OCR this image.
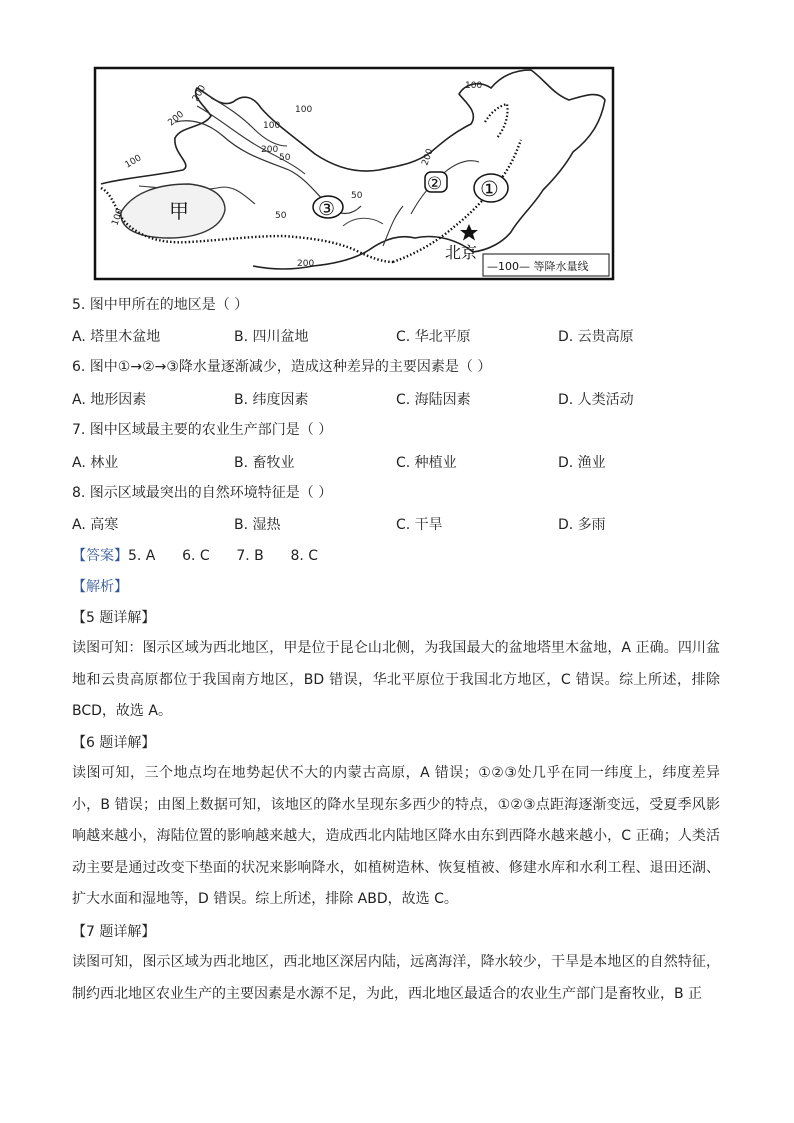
甲	③
② ①
北京
—100— 等降水量线
100
200
200	100
200
100	50
100
50
50
200
200
100
5. 图中甲所在的地区是（ ）
A. 塔里木盆地	B. 四川盆地	C. 华北平原	D. 云贵高原
6. 图中①→②→③降水量逐渐减少，造成这种差异的主要因素是（ ）
A. 地形因素	B. 纬度因素	C. 海陆因素	D. 人类活动
7. 图中区域最主要的农业生产部门是（ ）
A. 林业	B. 畜牧业	C. 种植业	D. 渔业
8. 图示区域最突出的自然环境特征是（ ）
A. 高寒	B. 湿热	C. 干旱	D. 多雨
【答案】5. A      6. C      7. B      8. C
【解析】
【5 题详解】
读图可知：图示区域为西北地区，甲是位于昆仑山北侧，为我国最大的盆地塔里木盆地，A 正确。四川盆地和云贵高原都位于我国南方地区，BD 错误，华北平原位于我国北方地区，C 错误。综上所述，排除 BCD，故选 A。
【6 题详解】
读图可知，三个地点均在地势起伏不大的内蒙古高原，A 错误；①②③处几乎在同一纬度上，纬度差异小，B 错误；由图上数据可知，该地区的降水呈现东多西少的特点，①②③点距海逐渐变远，受夏季风影响越来越小，海陆位置的影响越来越大，造成西北内陆地区降水由东到西降水越来越小，C 正确；人类活动主要是通过改变下垫面的状况来影响降水，如植树造林、恢复植被、修建水库和水利工程、退田还湖、扩大水面和湿地等，D 错误。综上所述，排除 ABD，故选 C。
【7 题详解】
读图可知，图示区域为西北地区，西北地区深居内陆，远离海洋，降水较少，干旱是本地区的自然特征，制约西北地区农业生产的主要因素是水源不足，为此，西北地区最适合的农业生产部门是畜牧业，B 正
